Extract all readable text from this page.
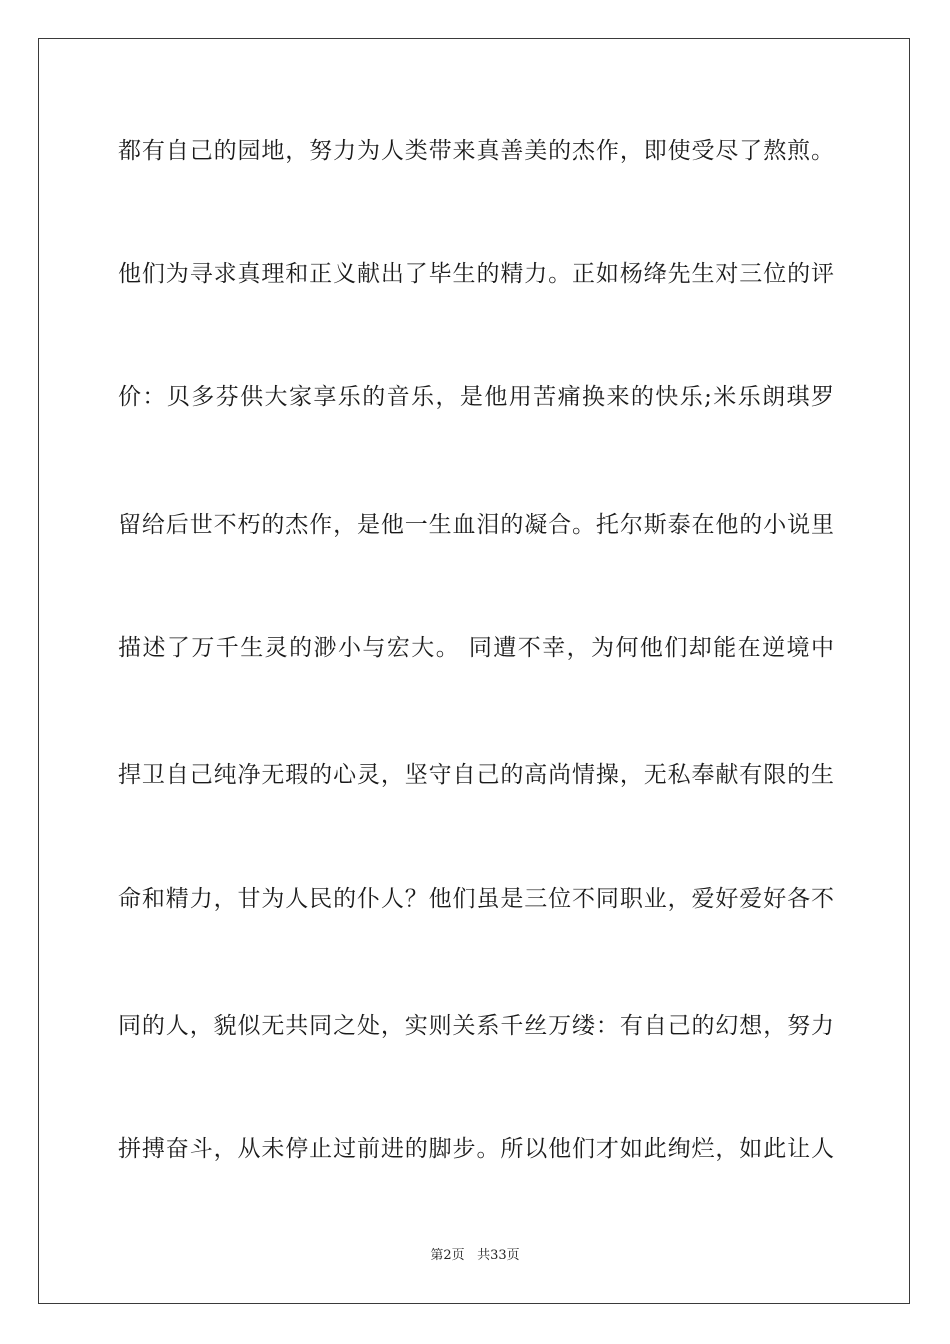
都有自己的园地，努力为人类带来真善美的杰作，即使受尽了熬煎。
他们为寻求真理和正义献出了毕生的精力。正如杨绛先生对三位的评
价：贝多芬供大家享乐的音乐，是他用苦痛换来的快乐;米乐朗琪罗
留给后世不朽的杰作，是他一生血泪的凝合。托尔斯泰在他的小说里
描述了万千生灵的渺小与宏大。 同遭不幸，为何他们却能在逆境中
捍卫自己纯净无瑕的心灵，坚守自己的高尚情操，无私奉献有限的生
命和精力，甘为人民的仆人？他们虽是三位不同职业，爱好爱好各不
同的人，貌似无共同之处，实则关系千丝万缕：有自己的幻想，努力
拼搏奋斗，从未停止过前进的脚步。所以他们才如此绚烂，如此让人
第2页 共33页
